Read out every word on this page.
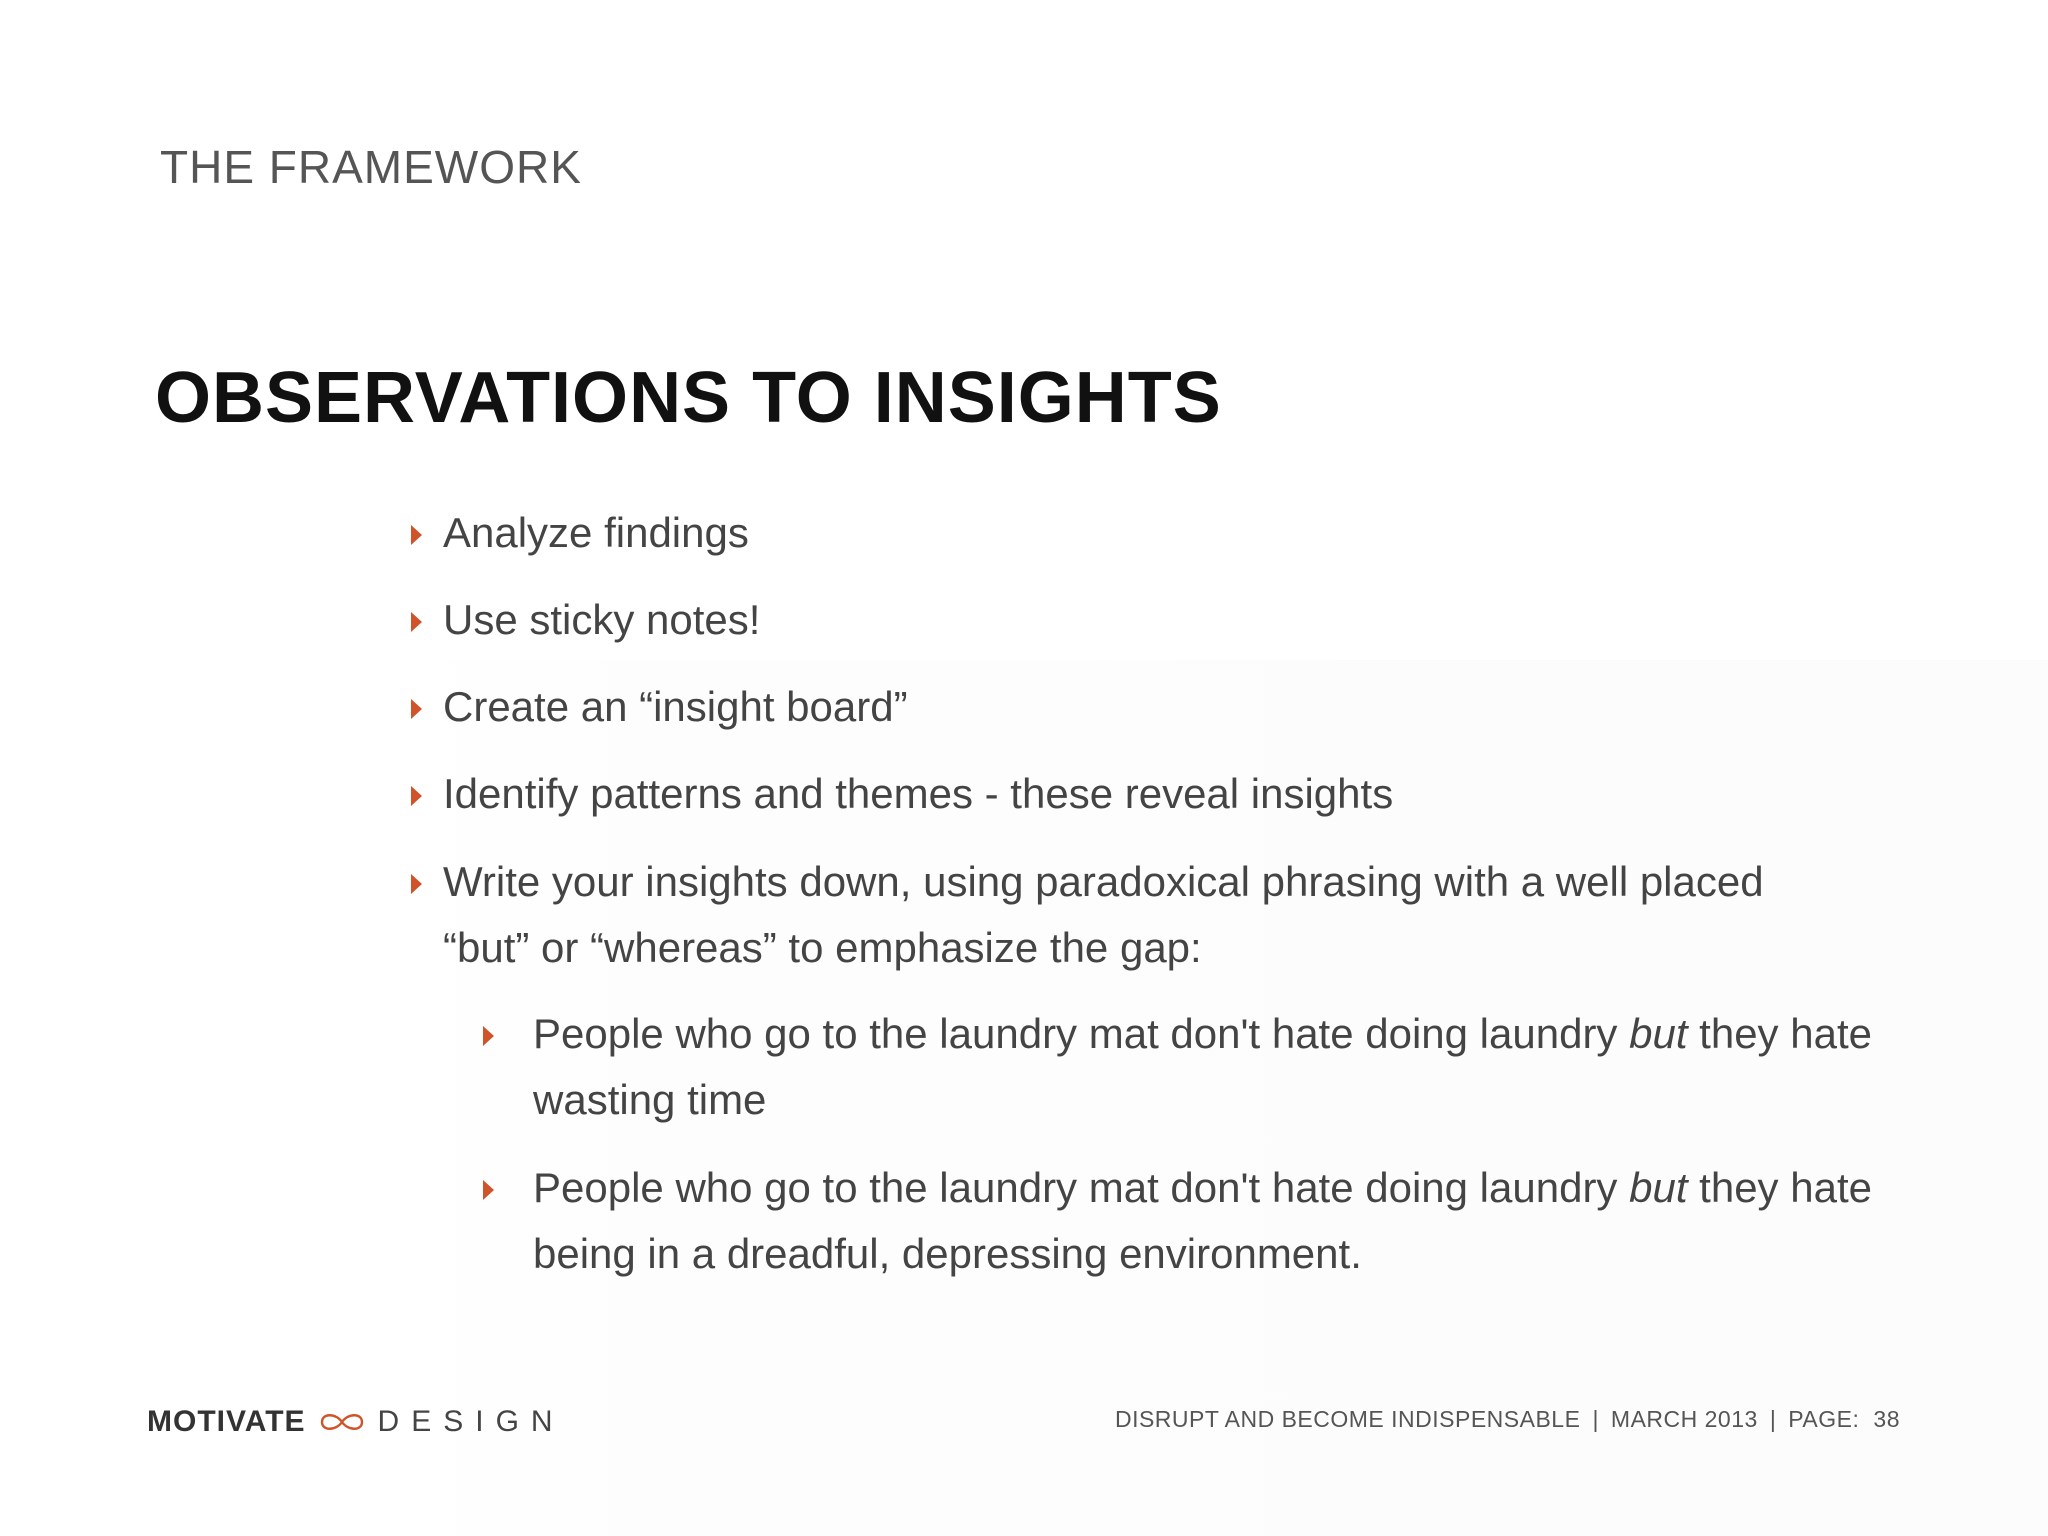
THE FRAMEWORK
OBSERVATIONS TO INSIGHTS
Analyze findings
Use sticky notes!
Create an “insight board”
Identify patterns and themes - these reveal insights
Write your insights down, using paradoxical phrasing with a well placed “but” or “whereas” to emphasize the gap:
People who go to the laundry mat don't hate doing laundry but they hate wasting time
People who go to the laundry mat don't hate doing laundry but they hate being in a dreadful, depressing environment.
MOTIVATE DESIGN	DISRUPT AND BECOME INDISPENSABLE | MARCH 2013 | PAGE: 38
